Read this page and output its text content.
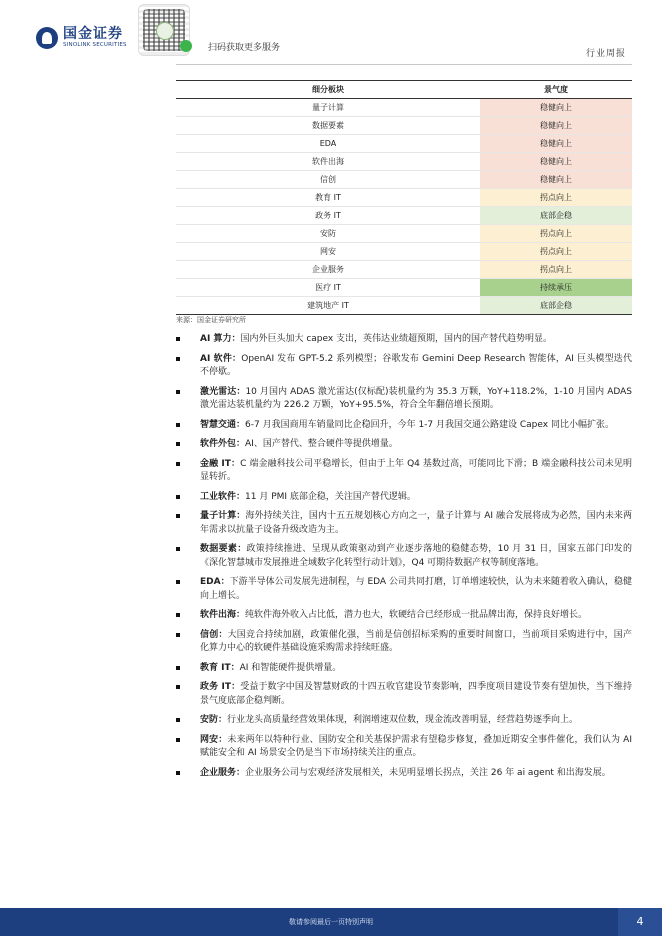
国金证券
SINOLINK SECURITIES	扫码获取更多服务
行业周报
细分板块	景气度
量子计算	稳健向上
数据要素	稳健向上
EDA	稳健向上
软件出海	稳健向上
信创	稳健向上
教育 IT	拐点向上
政务 IT	底部企稳
安防	拐点向上
网安	拐点向上
企业服务	拐点向上
医疗 IT	持续承压
建筑地产 IT	底部企稳
来源：国金证券研究所
AI 算力：国内外巨头加大 capex 支出，英伟达业绩超预期，国内的国产替代趋势明显。
AI 软件：OpenAI 发布 GPT-5.2 系列模型；谷歌发布 Gemini Deep Research 智能体，AI 巨头模型迭代不停歇。
激光雷达：10 月国内 ADAS 激光雷达(仅标配)装机量约为 35.3 万颗，YoY+118.2%，1-10 月国内 ADAS 激光雷达装机量约为 226.2 万颗，YoY+95.5%，符合全年翻倍增长预期。
智慧交通：6-7 月我国商用车销量同比企稳回升，今年 1-7 月我国交通公路建设 Capex 同比小幅扩张。
软件外包：AI、国产替代、整合硬件等提供增量。
金融 IT：C 端金融科技公司平稳增长，但由于上年 Q4 基数过高，可能同比下滑；B 端金融科技公司未见明显转折。
工业软件：11 月 PMI 底部企稳，关注国产替代逻辑。
量子计算：海外持续关注，国内十五五规划核心方向之一，量子计算与 AI 融合发展将成为必然，国内未来两年需求以抗量子设备升级改造为主。
数据要素：政策持续推进、呈现从政策驱动到产业逐步落地的稳健态势，10 月 31 日，国家五部门印发的《深化智慧城市发展推进全域数字化转型行动计划》，Q4 可期待数据产权等制度落地。
EDA：下游半导体公司发展先进制程，与 EDA 公司共同打磨，订单增速较快，认为未来随着收入确认，稳健向上增长。
软件出海：纯软件海外收入占比低，潜力也大，软硬结合已经形成一批品牌出海，保持良好增长。
信创：大国竞合持续加剧，政策催化强，当前是信创招标采购的重要时间窗口，当前项目采购进行中，国产化算力中心的软硬件基础设施采购需求持续旺盛。
教育 IT：AI 和智能硬件提供增量。
政务 IT：受益于数字中国及智慧财政的十四五收官建设节奏影响，四季度项目建设节奏有望加快，当下维持景气度底部企稳判断。
安防：行业龙头高质量经营效果体现，利润增速双位数，现金流改善明显，经营趋势逐季向上。
网安：未来两年以特种行业、国防安全和关基保护需求有望稳步修复，叠加近期安全事件催化，我们认为 AI 赋能安全和 AI 场景安全仍是当下市场持续关注的重点。
企业服务：企业服务公司与宏观经济发展相关，未见明显增长拐点，关注 26 年 ai agent 和出海发展。
敬请参阅最后一页特别声明	4
